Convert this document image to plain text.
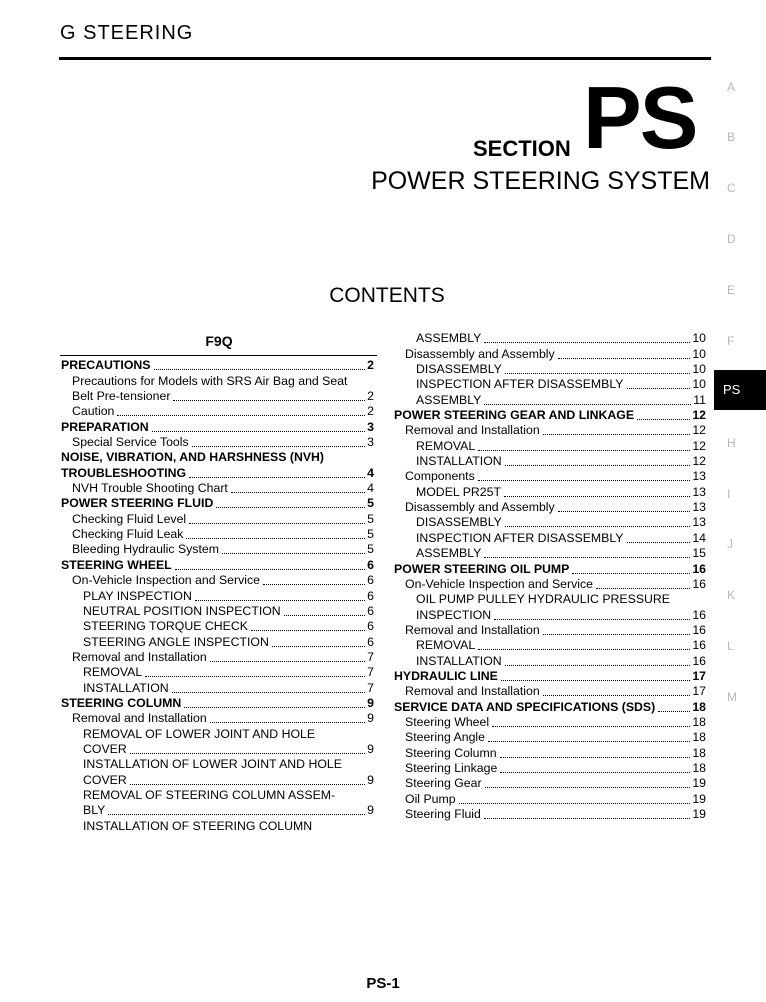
G STEERING
SECTION PS
POWER STEERING SYSTEM
CONTENTS
F9Q
PRECAUTIONS	2
Precautions for Models with SRS Air Bag and Seat
Belt Pre-tensioner	2
Caution	2
PREPARATION	3
Special Service Tools	3
NOISE, VIBRATION, AND HARSHNESS (NVH)
TROUBLESHOOTING	4
NVH Trouble Shooting Chart	4
POWER STEERING FLUID	5
Checking Fluid Level	5
Checking Fluid Leak	5
Bleeding Hydraulic System	5
STEERING WHEEL	6
On-Vehicle Inspection and Service	6
PLAY INSPECTION	6
NEUTRAL POSITION INSPECTION	6
STEERING TORQUE CHECK	6
STEERING ANGLE INSPECTION	6
Removal and Installation	7
REMOVAL	7
INSTALLATION	7
STEERING COLUMN	9
Removal and Installation	9
REMOVAL OF LOWER JOINT AND HOLE
COVER	9
INSTALLATION OF LOWER JOINT AND HOLE
COVER	9
REMOVAL OF STEERING COLUMN ASSEM-
BLY	9
INSTALLATION OF STEERING COLUMN
ASSEMBLY	10
Disassembly and Assembly	10
DISASSEMBLY	10
INSPECTION AFTER DISASSEMBLY	10
ASSEMBLY	11
POWER STEERING GEAR AND LINKAGE	12
Removal and Installation	12
REMOVAL	12
INSTALLATION	12
Components	13
MODEL PR25T	13
Disassembly and Assembly	13
DISASSEMBLY	13
INSPECTION AFTER DISASSEMBLY	14
ASSEMBLY	15
POWER STEERING OIL PUMP	16
On-Vehicle Inspection and Service	16
OIL PUMP PULLEY HYDRAULIC PRESSURE
INSPECTION	16
Removal and Installation	16
REMOVAL	16
INSTALLATION	16
HYDRAULIC LINE	17
Removal and Installation	17
SERVICE DATA AND SPECIFICATIONS (SDS)	18
Steering Wheel	18
Steering Angle	18
Steering Column	18
Steering Linkage	18
Steering Gear	19
Oil Pump	19
Steering Fluid	19
A
B
C
D
E
F
PS
H
I
J
K
L
M
PS-1
